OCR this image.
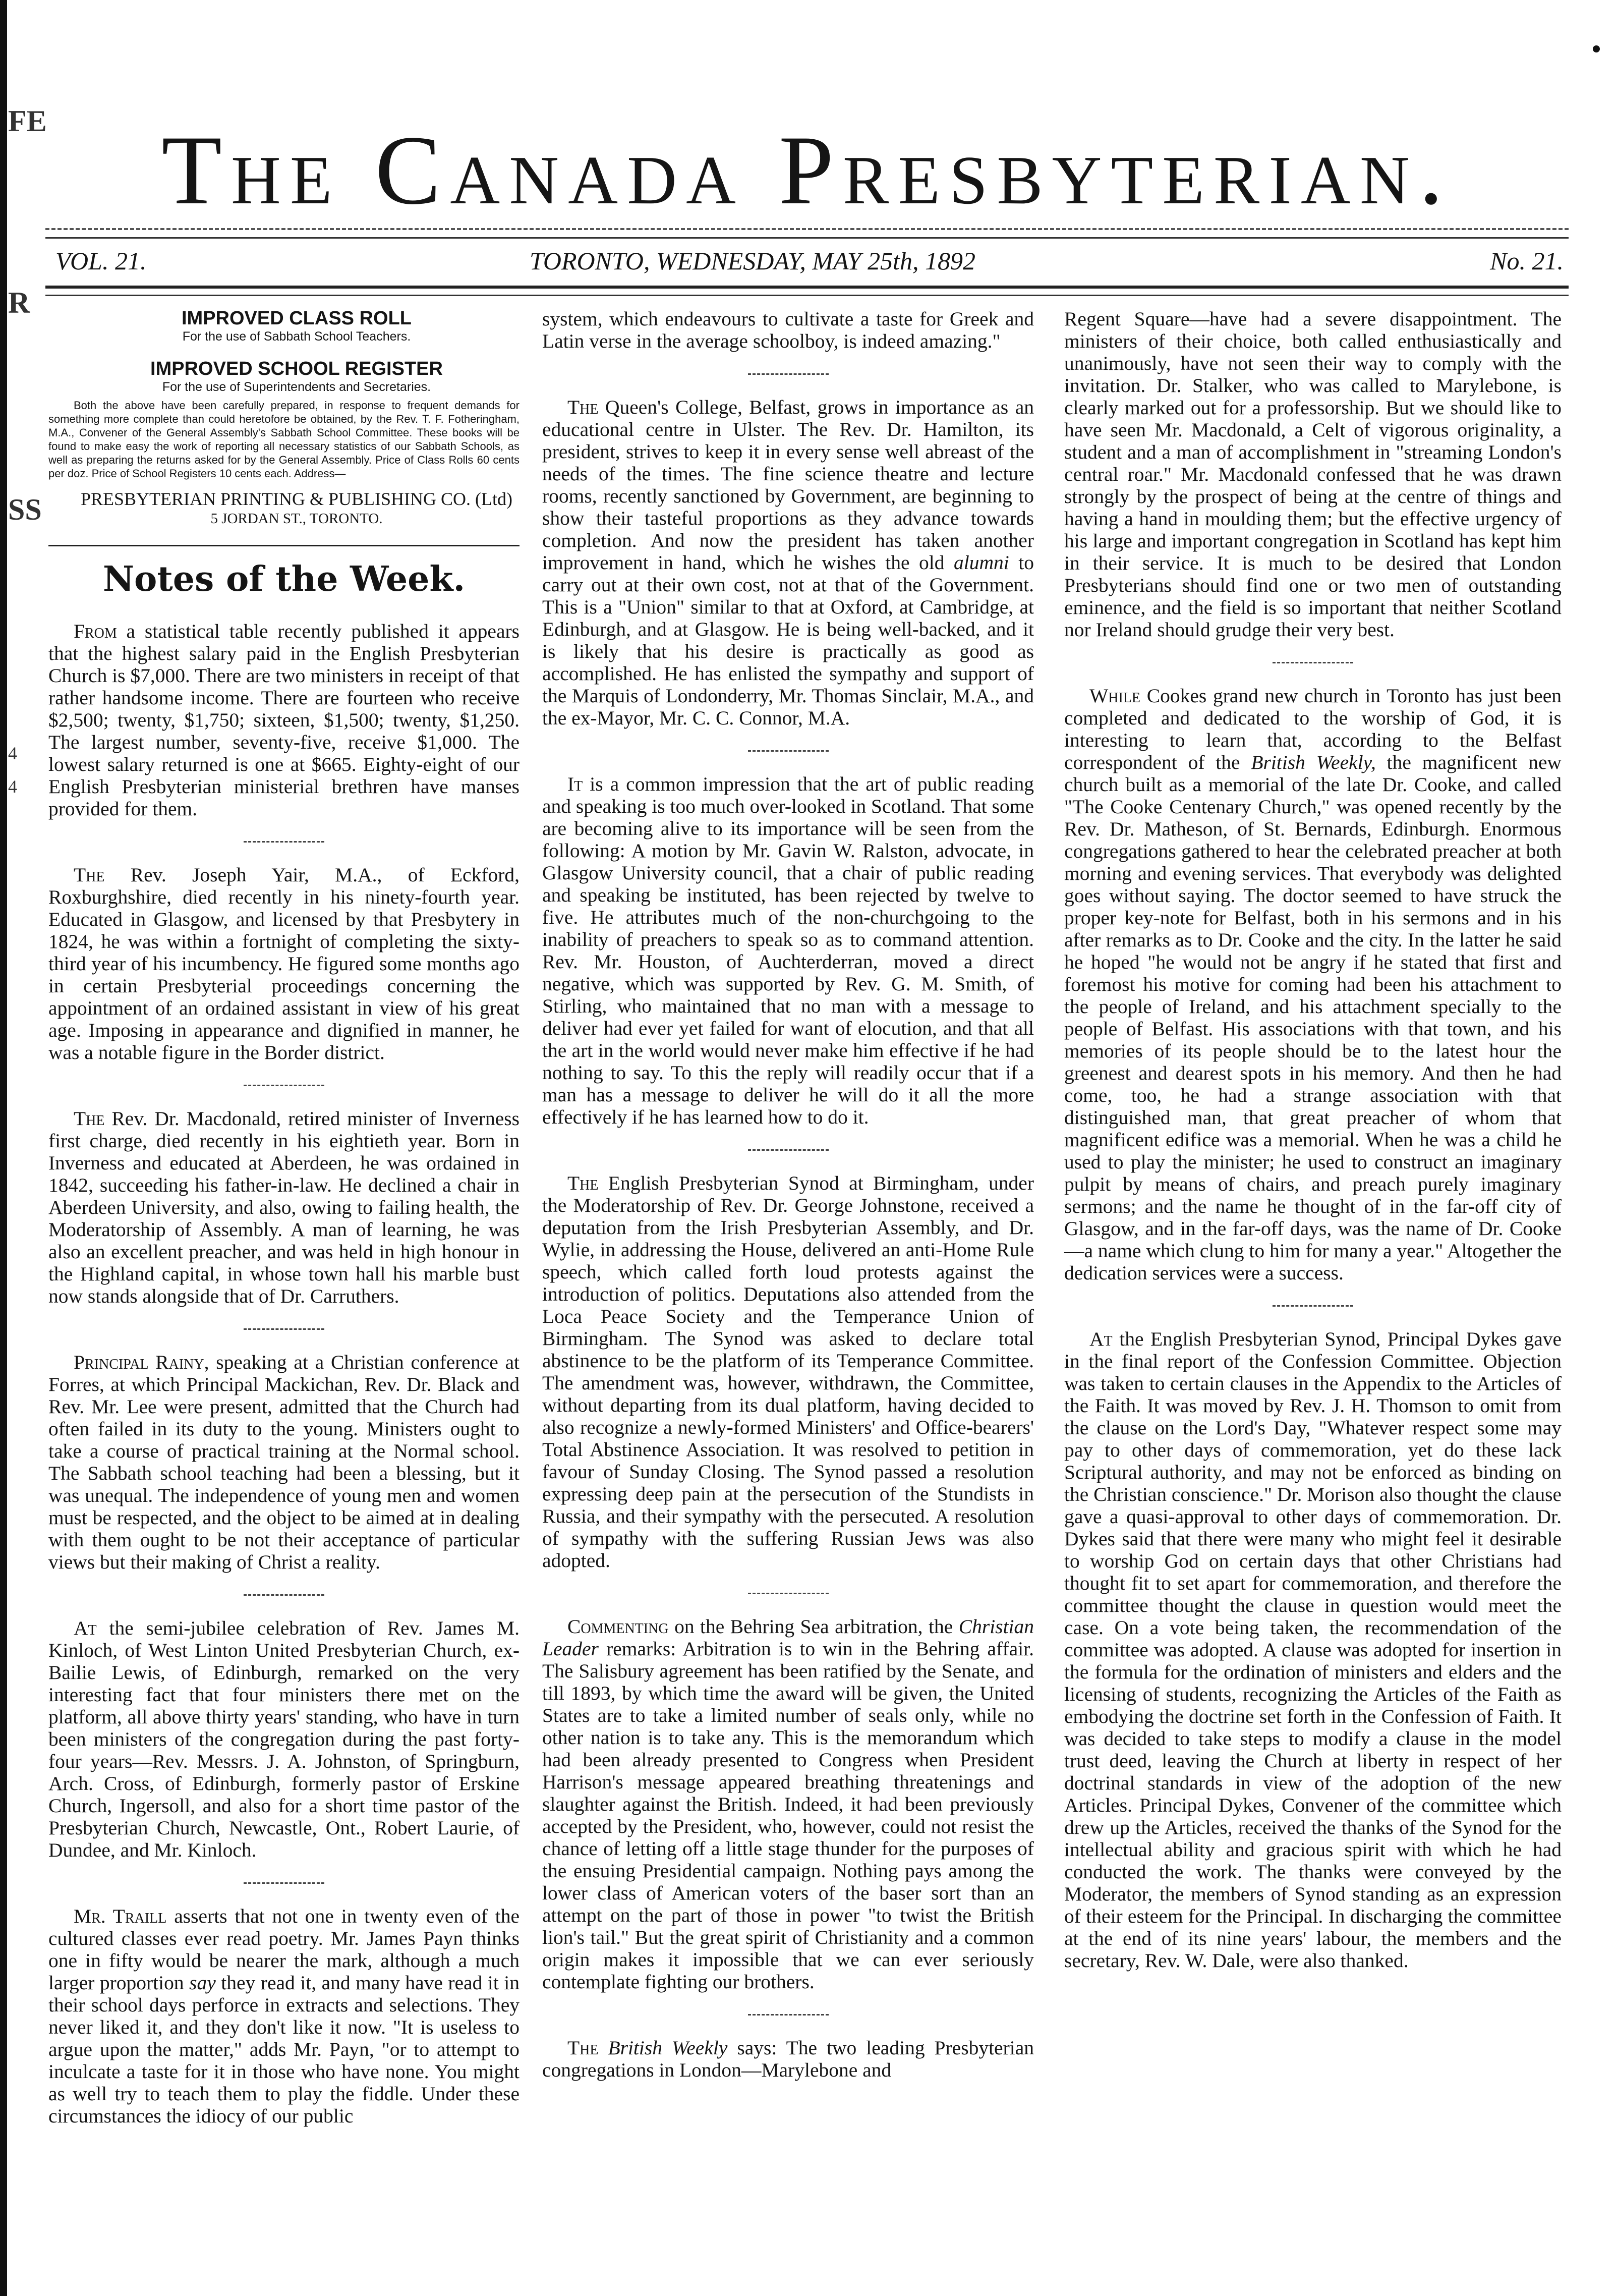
FE
R
SS
4
4
The Canada Presbyterian.
VOL. 21.	TORONTO, WEDNESDAY, MAY 25th, 1892	No. 21.

IMPROVED CLASS ROLL

For the use of Sabbath School Teachers.

IMPROVED SCHOOL REGISTER

For the use of Superintendents and Secretaries.

Both the above have been carefully prepared, in response to frequent demands for something more complete than could heretofore be obtained, by the Rev. T. F. Fotheringham, M.A., Convener of the General Assembly's Sabbath School Committee. These books will be found to make easy the work of reporting all necessary statistics of our Sabbath Schools, as well as preparing the returns asked for by the General Assembly. Price of Class Rolls 60 cents per doz. Price of School Registers 10 cents each. Address—

PRESBYTERIAN PRINTING & PUBLISHING CO. (Ltd)

5 JORDAN ST., TORONTO.

Notes of the Week.

From a statistical table recently published it appears that the highest salary paid in the English Presbyterian Church is $7,000. There are two ministers in receipt of that rather handsome income. There are fourteen who receive $2,500; twenty, $1,750; sixteen, $1,500; twenty, $1,250. The largest number, seventy-five, receive $1,000. The lowest salary returned is one at $665. Eighty-eight of our English Presbyterian ministerial brethren have manses provided for them.

The Rev. Joseph Yair, M.A., of Eckford, Roxburghshire, died recently in his ninety-fourth year. Educated in Glasgow, and licensed by that Presbytery in 1824, he was within a fortnight of completing the sixty-third year of his incumbency. He figured some months ago in certain Presbyterial proceedings concerning the appointment of an ordained assistant in view of his great age. Imposing in appearance and dignified in manner, he was a notable figure in the Border district.

The Rev. Dr. Macdonald, retired minister of Inverness first charge, died recently in his eightieth year. Born in Inverness and educated at Aberdeen, he was ordained in 1842, succeeding his father-in-law. He declined a chair in Aberdeen University, and also, owing to failing health, the Moderatorship of Assembly. A man of learning, he was also an excellent preacher, and was held in high honour in the Highland capital, in whose town hall his marble bust now stands alongside that of Dr. Carruthers.

Principal Rainy, speaking at a Christian conference at Forres, at which Principal Mackichan, Rev. Dr. Black and Rev. Mr. Lee were present, admitted that the Church had often failed in its duty to the young. Ministers ought to take a course of practical training at the Normal school. The Sabbath school teaching had been a blessing, but it was unequal. The independence of young men and women must be respected, and the object to be aimed at in dealing with them ought to be not their acceptance of particular views but their making of Christ a reality.

At the semi-jubilee celebration of Rev. James M. Kinloch, of West Linton United Presbyterian Church, ex-Bailie Lewis, of Edinburgh, remarked on the very interesting fact that four ministers there met on the platform, all above thirty years' standing, who have in turn been ministers of the congregation during the past forty-four years—Rev. Messrs. J. A. Johnston, of Springburn, Arch. Cross, of Edinburgh, formerly pastor of Erskine Church, Ingersoll, and also for a short time pastor of the Presbyterian Church, Newcastle, Ont., Robert Laurie, of Dundee, and Mr. Kinloch.

Mr. Traill asserts that not one in twenty even of the cultured classes ever read poetry. Mr. James Payn thinks one in fifty would be nearer the mark, although a much larger proportion say they read it, and many have read it in their school days perforce in extracts and selections. They never liked it, and they don't like it now. "It is useless to argue upon the matter," adds Mr. Payn, "or to attempt to inculcate a taste for it in those who have none. You might as well try to teach them to play the fiddle. Under these circumstances the idiocy of our public

system, which endeavours to cultivate a taste for Greek and Latin verse in the average schoolboy, is indeed amazing."

The Queen's College, Belfast, grows in importance as an educational centre in Ulster. The Rev. Dr. Hamilton, its president, strives to keep it in every sense well abreast of the needs of the times. The fine science theatre and lecture rooms, recently sanctioned by Government, are beginning to show their tasteful proportions as they advance towards completion. And now the president has taken another improvement in hand, which he wishes the old alumni to carry out at their own cost, not at that of the Government. This is a "Union" similar to that at Oxford, at Cambridge, at Edinburgh, and at Glasgow. He is being well-backed, and it is likely that his desire is practically as good as accomplished. He has enlisted the sympathy and support of the Marquis of Londonderry, Mr. Thomas Sinclair, M.A., and the ex-Mayor, Mr. C. C. Connor, M.A.

It is a common impression that the art of public reading and speaking is too much over-looked in Scotland. That some are becoming alive to its importance will be seen from the following: A motion by Mr. Gavin W. Ralston, advocate, in Glasgow University council, that a chair of public reading and speaking be instituted, has been rejected by twelve to five. He attributes much of the non-churchgoing to the inability of preachers to speak so as to command attention. Rev. Mr. Houston, of Auchterderran, moved a direct negative, which was supported by Rev. G. M. Smith, of Stirling, who maintained that no man with a message to deliver had ever yet failed for want of elocution, and that all the art in the world would never make him effective if he had nothing to say. To this the reply will readily occur that if a man has a message to deliver he will do it all the more effectively if he has learned how to do it.

The English Presbyterian Synod at Birmingham, under the Moderatorship of Rev. Dr. George Johnstone, received a deputation from the Irish Presbyterian Assembly, and Dr. Wylie, in addressing the House, delivered an anti-Home Rule speech, which called forth loud protests against the introduction of politics. Deputations also attended from the Loca Peace Society and the Temperance Union of Birmingham. The Synod was asked to declare total abstinence to be the platform of its Temperance Committee. The amendment was, however, withdrawn, the Committee, without departing from its dual platform, having decided to also recognize a newly-formed Ministers' and Office-bearers' Total Abstinence Association. It was resolved to petition in favour of Sunday Closing. The Synod passed a resolution expressing deep pain at the persecution of the Stundists in Russia, and their sympathy with the persecuted. A resolution of sympathy with the suffering Russian Jews was also adopted.

Commenting on the Behring Sea arbitration, the Christian Leader remarks: Arbitration is to win in the Behring affair. The Salisbury agreement has been ratified by the Senate, and till 1893, by which time the award will be given, the United States are to take a limited number of seals only, while no other nation is to take any. This is the memorandum which had been already presented to Congress when President Harrison's message appeared breathing threatenings and slaughter against the British. Indeed, it had been previously accepted by the President, who, however, could not resist the chance of letting off a little stage thunder for the purposes of the ensuing Presidential campaign. Nothing pays among the lower class of American voters of the baser sort than an attempt on the part of those in power "to twist the British lion's tail." But the great spirit of Christianity and a common origin makes it impossible that we can ever seriously contemplate fighting our brothers.

The British Weekly says: The two leading Presbyterian congregations in London—Marylebone and

Regent Square—have had a severe disappointment. The ministers of their choice, both called enthusiastically and unanimously, have not seen their way to comply with the invitation. Dr. Stalker, who was called to Marylebone, is clearly marked out for a professorship. But we should like to have seen Mr. Macdonald, a Celt of vigorous originality, a student and a man of accomplishment in "streaming London's central roar." Mr. Macdonald confessed that he was drawn strongly by the prospect of being at the centre of things and having a hand in moulding them; but the effective urgency of his large and important congregation in Scotland has kept him in their service. It is much to be desired that London Presbyterians should find one or two men of outstanding eminence, and the field is so important that neither Scotland nor Ireland should grudge their very best.

While Cookes grand new church in Toronto has just been completed and dedicated to the worship of God, it is interesting to learn that, according to the Belfast correspondent of the British Weekly, the magnificent new church built as a memorial of the late Dr. Cooke, and called "The Cooke Centenary Church," was opened recently by the Rev. Dr. Matheson, of St. Bernards, Edinburgh. Enormous congregations gathered to hear the celebrated preacher at both morning and evening services. That everybody was delighted goes without saying. The doctor seemed to have struck the proper key-note for Belfast, both in his sermons and in his after remarks as to Dr. Cooke and the city. In the latter he said he hoped "he would not be angry if he stated that first and foremost his motive for coming had been his attachment to the people of Ireland, and his attachment specially to the people of Belfast. His associations with that town, and his memories of its people should be to the latest hour the greenest and dearest spots in his memory. And then he had come, too, he had a strange association with that distinguished man, that great preacher of whom that magnificent edifice was a memorial. When he was a child he used to play the minister; he used to construct an imaginary pulpit by means of chairs, and preach purely imaginary sermons; and the name he thought of in the far-off city of Glasgow, and in the far-off days, was the name of Dr. Cooke—a name which clung to him for many a year." Altogether the dedication services were a success.

At the English Presbyterian Synod, Principal Dykes gave in the final report of the Confession Committee. Objection was taken to certain clauses in the Appendix to the Articles of the Faith. It was moved by Rev. J. H. Thomson to omit from the clause on the Lord's Day, "Whatever respect some may pay to other days of commemoration, yet do these lack Scriptural authority, and may not be enforced as binding on the Christian conscience." Dr. Morison also thought the clause gave a quasi-approval to other days of commemoration. Dr. Dykes said that there were many who might feel it desirable to worship God on certain days that other Christians had thought fit to set apart for commemoration, and therefore the committee thought the clause in question would meet the case. On a vote being taken, the recommendation of the committee was adopted. A clause was adopted for insertion in the formula for the ordination of ministers and elders and the licensing of students, recognizing the Articles of the Faith as embodying the doctrine set forth in the Confession of Faith. It was decided to take steps to modify a clause in the model trust deed, leaving the Church at liberty in respect of her doctrinal standards in view of the adoption of the new Articles. Principal Dykes, Convener of the committee which drew up the Articles, received the thanks of the Synod for the intellectual ability and gracious spirit with which he had conducted the work. The thanks were conveyed by the Moderator, the members of Synod standing as an expression of their esteem for the Principal. In discharging the committee at the end of its nine years' labour, the members and the secretary, Rev. W. Dale, were also thanked.
